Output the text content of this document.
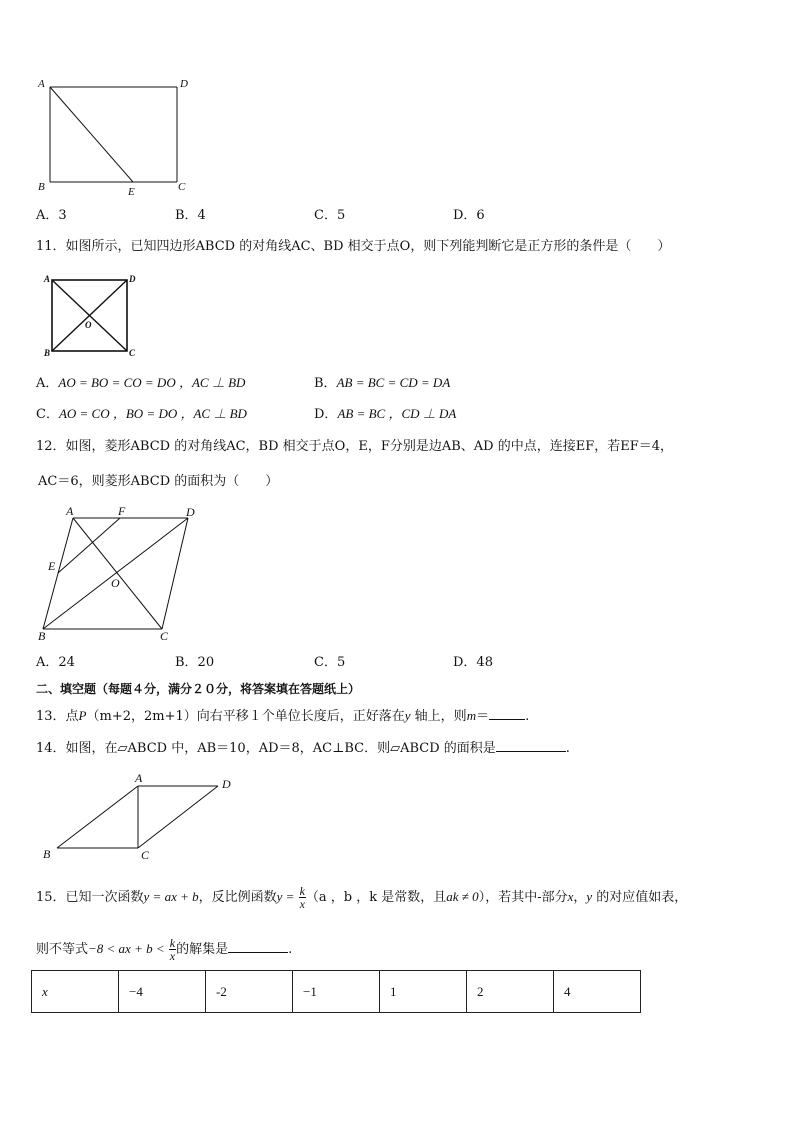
A	D
B	C
E
A．3	B．4	C．5	D．6
11．如图所示，已知四边形ABCD 的对角线AC、BD 相交于点O，则下列能判断它是正方形的条件是（　　）
A	D
B	C
O
A．AO = BO = CO = DO ，AC ⊥ BD	B．AB = BC = CD = DA
C．AO = CO ，BO = DO ，AC ⊥ BD	D．AB = BC ，CD ⊥ DA
12．如图，菱形ABCD 的对角线AC，BD 相交于点O，E，F分别是边AB、AD 的中点，连接EF，若EF＝4，
AC＝6，则菱形ABCD 的面积为（　　）
A	F	D
E
O
B	C
A．24	B．20	C．5	D．48
二、填空题（每题４分，满分２０分，将答案填在答题纸上）
13．点P（m+2，2m+1）向右平移１个单位长度后，正好落在y 轴上，则m＝	.
14．如图，在▱ABCD 中，AB＝10，AD＝8，AC⊥BC．则▱ABCD 的面积是	.
A	D
B	C
15．已知一次函数y = ax + b，反比例函数$y = \frac{k}{x} (a$ ，b ，k 是常数，且ak ≠ 0），若其中-部分x，y 的对应值如表，
则不等式−8 < ax + $b < \frac{k}{x}$ 的解集是	.
x	−4	-2	−1	1	2	4
